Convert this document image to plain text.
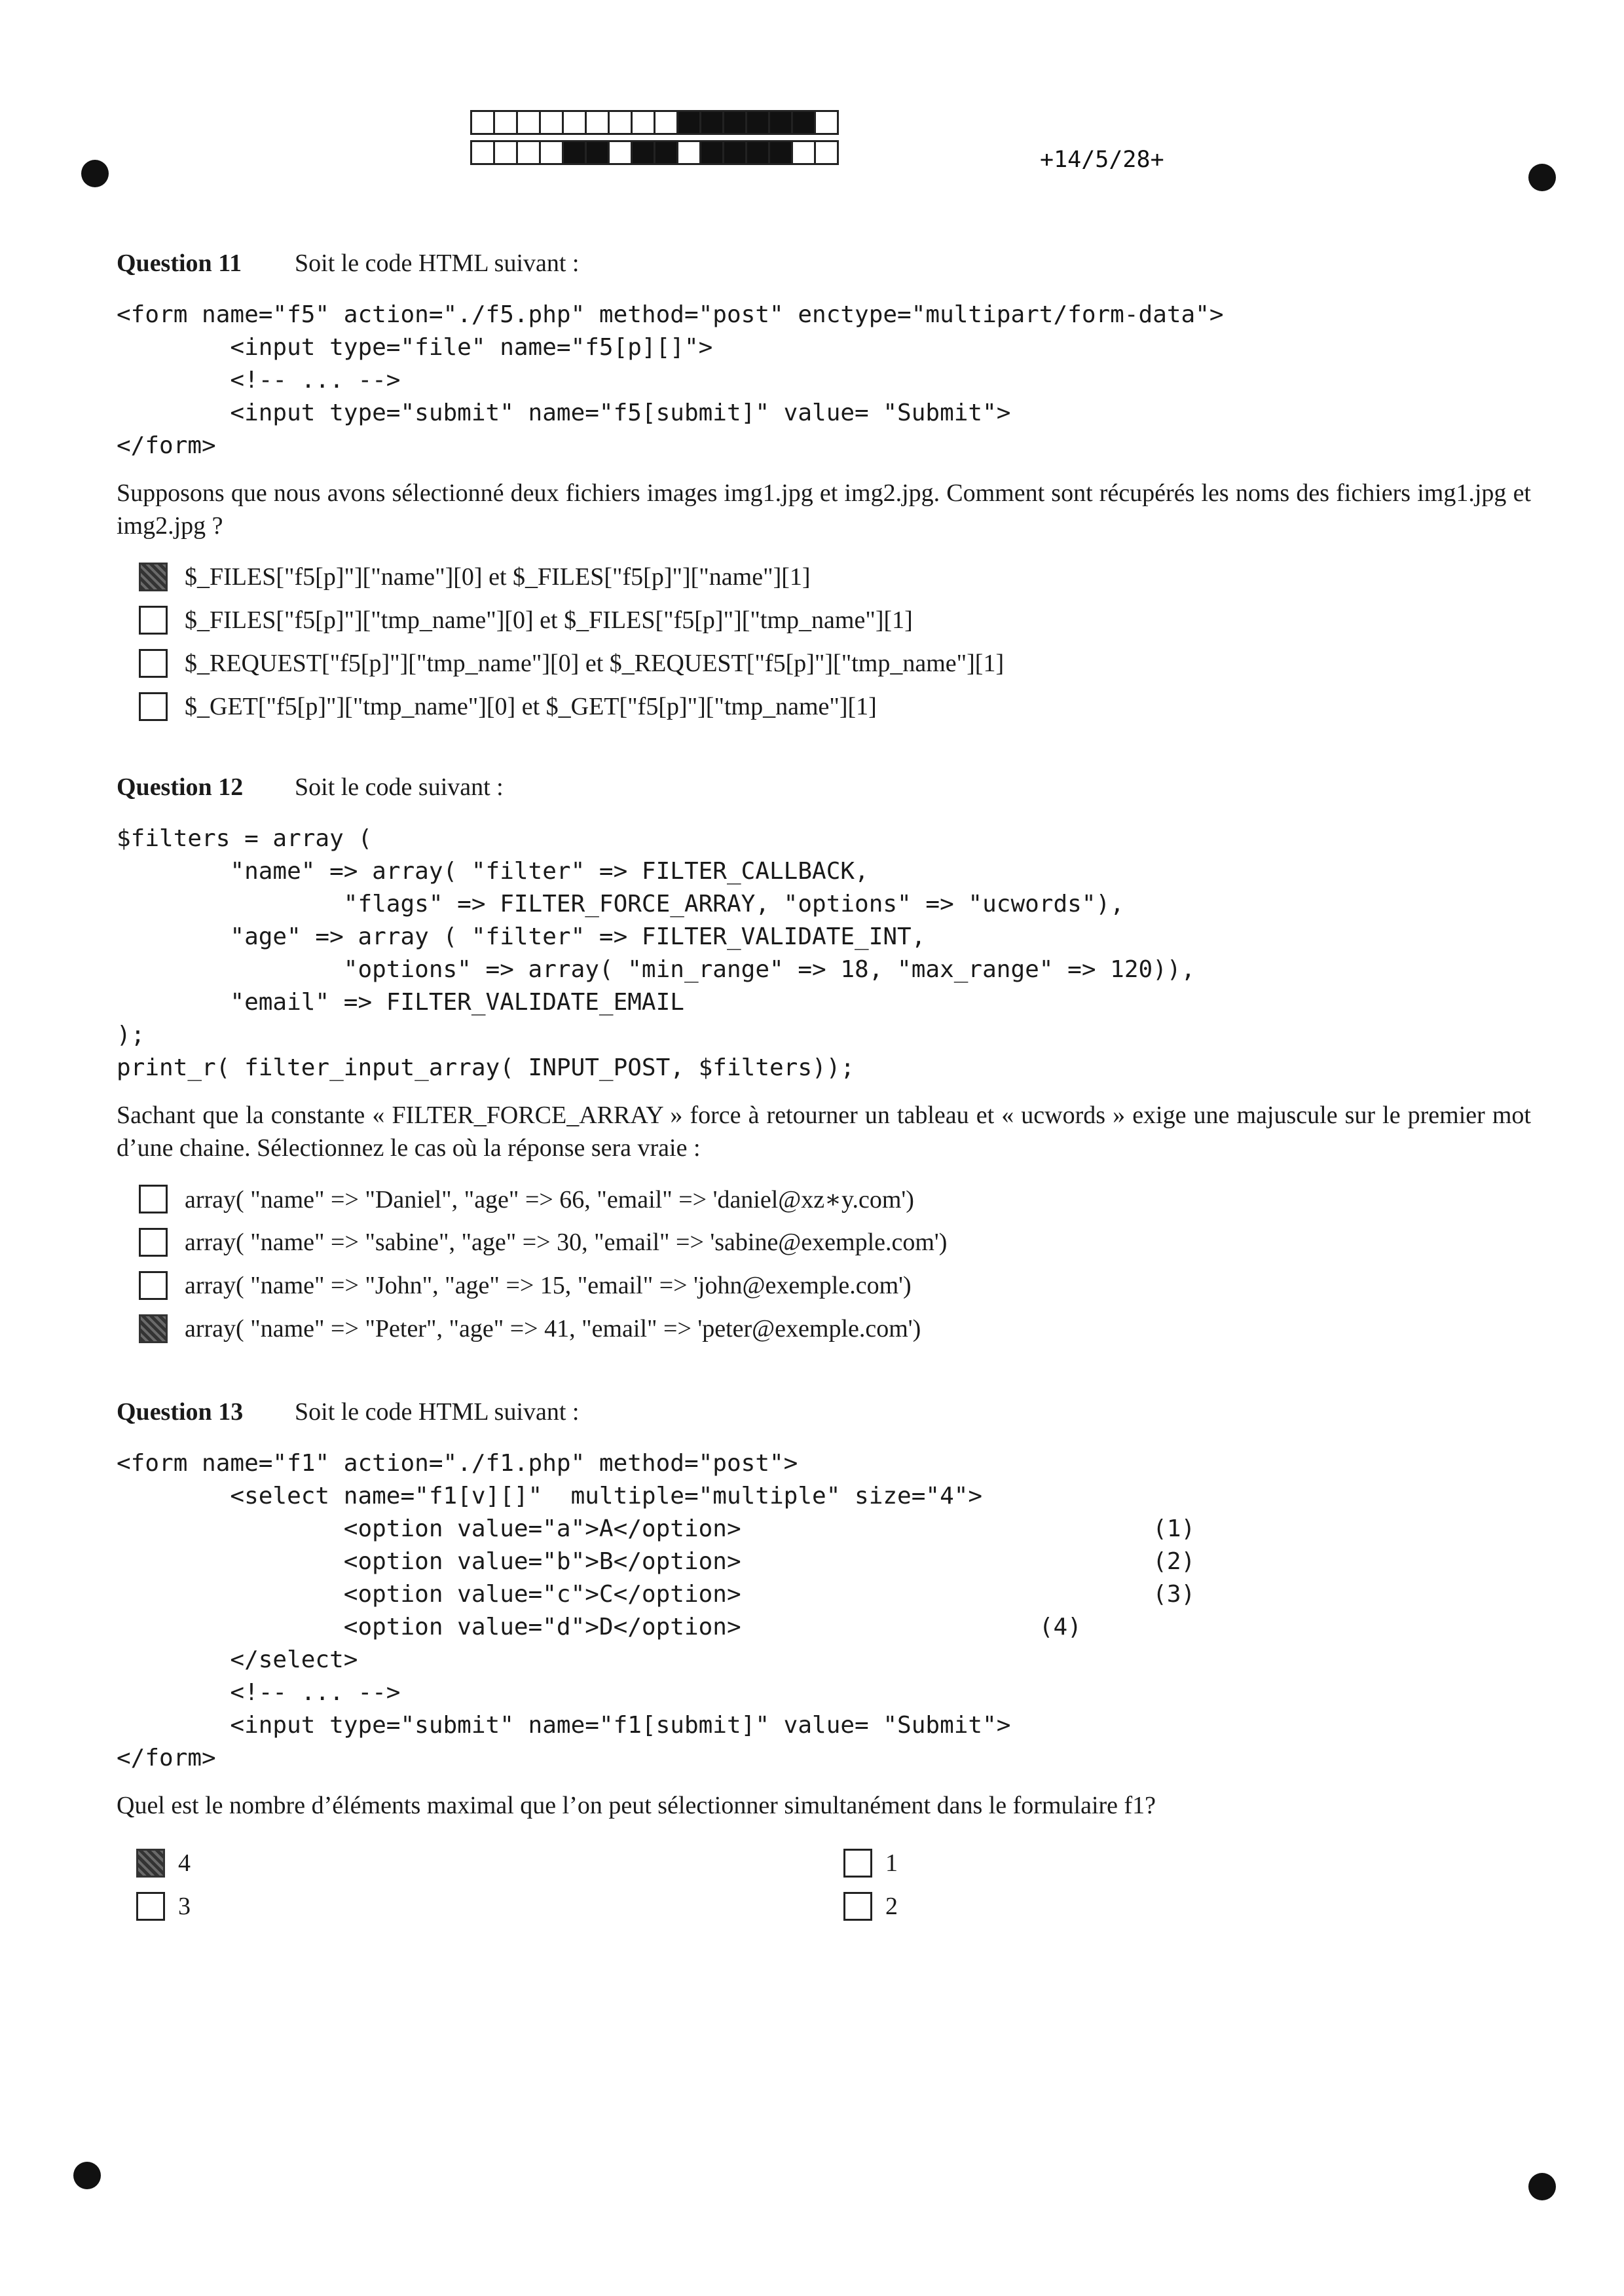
+14/5/28+
Question 11 Soit le code HTML suivant :
<form name="f5" action="./f5.php" method="post" enctype="multipart/form-data">
<input type="file" name="f5[p][]">
<!-- ... -->
<input type="submit" name="f5[submit]" value= "Submit">
</form>
Supposons que nous avons sélectionné deux fichiers images img1.jpg et img2.jpg. Comment sont récupérés les noms des fichiers img1.jpg et img2.jpg ?
$_FILES["f5[p]"]["name"][0] et $_FILES["f5[p]"]["name"][1]
$_FILES["f5[p]"]["tmp_name"][0] et $_FILES["f5[p]"]["tmp_name"][1]
$_REQUEST["f5[p]"]["tmp_name"][0] et $_REQUEST["f5[p]"]["tmp_name"][1]
$_GET["f5[p]"]["tmp_name"][0] et $_GET["f5[p]"]["tmp_name"][1]
Question 12 Soit le code suivant :
$filters = array (
"name" => array( "filter" => FILTER_CALLBACK,
"flags" => FILTER_FORCE_ARRAY, "options" => "ucwords"),
"age" => array ( "filter" => FILTER_VALIDATE_INT,
"options" => array( "min_range" => 18, "max_range" => 120)),
"email" => FILTER_VALIDATE_EMAIL
);
print_r( filter_input_array( INPUT_POST, $filters));
Sachant que la constante « FILTER_FORCE_ARRAY » force à retourner un tableau et « ucwords » exige une majuscule sur le premier mot d’une chaine. Sélectionnez le cas où la réponse sera vraie :
array( "name" => "Daniel", "age" => 66, "email" => 'daniel@xz∗y.com')
array( "name" => "sabine", "age" => 30, "email" => 'sabine@exemple.com')
array( "name" => "John", "age" => 15, "email" => 'john@exemple.com')
array( "name" => "Peter", "age" => 41, "email" => 'peter@exemple.com')
Question 13 Soit le code HTML suivant :
<form name="f1" action="./f1.php" method="post">
<select name="f1[v][]"  multiple="multiple" size="4">
<option value="a">A</option>                             (1)
<option value="b">B</option>                             (2)
<option value="c">C</option>                             (3)
<option value="d">D</option>                     (4)
</select>
<!-- ... -->
<input type="submit" name="f1[submit]" value= "Submit">
</form>
Quel est le nombre d’éléments maximal que l’on peut sélectionner simultanément dans le formulaire f1?
4	1
3	2
